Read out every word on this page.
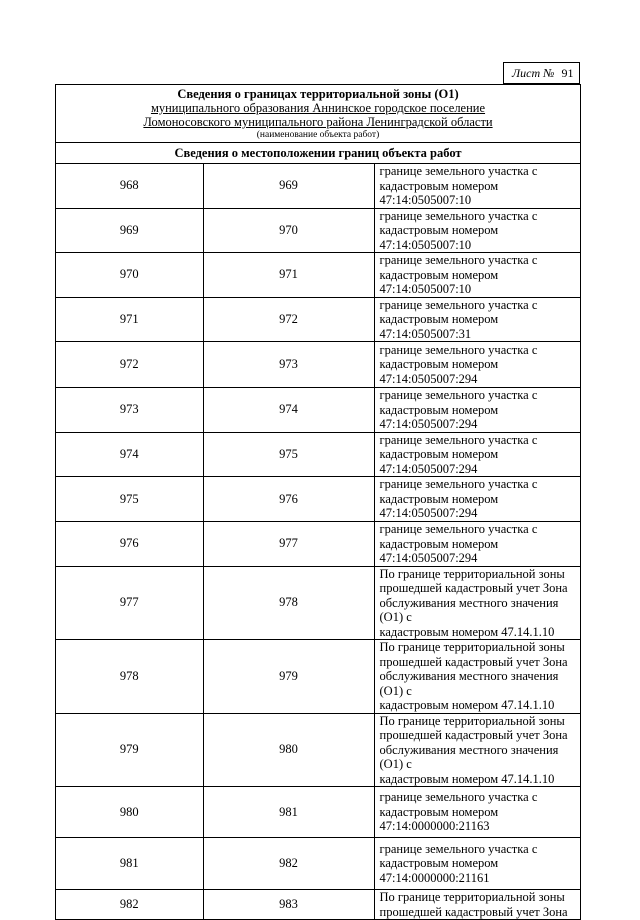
Лист № 91
Сведения о границах территориальной зоны (О1)
муниципального образования Аннинское городское поселение
Ломоносовского муниципального района Ленинградской области
(наименование объекта работ)
Сведения о местоположении границ объекта работ
968	969	границе земельного участка с
кадастровым номером 47:14:0505007:10

969	970	границе земельного участка с
кадастровым номером 47:14:0505007:10

970	971	границе земельного участка с
кадастровым номером 47:14:0505007:10

971	972	границе земельного участка с
кадастровым номером 47:14:0505007:31

972	973	границе земельного участка с
кадастровым номером
47:14:0505007:294

973	974	границе земельного участка с
кадастровым номером
47:14:0505007:294

974	975	границе земельного участка с
кадастровым номером
47:14:0505007:294

975	976	границе земельного участка с
кадастровым номером
47:14:0505007:294

976	977	границе земельного участка с
кадастровым номером
47:14:0505007:294

977	978	По границе территориальной зоны
прошедшей кадастровый учет Зона
обслуживания местного значения (О1) с
кадастровым номером 47.14.1.10

978	979	По границе территориальной зоны
прошедшей кадастровый учет Зона
обслуживания местного значения (О1) с
кадастровым номером 47.14.1.10

979	980	По границе территориальной зоны
прошедшей кадастровый учет Зона
обслуживания местного значения (О1) с
кадастровым номером 47.14.1.10

980	981	границе земельного участка с
кадастровым номером
47:14:0000000:21163

981	982	границе земельного участка с
кадастровым номером
47:14:0000000:21161

982	983	По границе территориальной зоны
прошедшей кадастровый учет Зона
